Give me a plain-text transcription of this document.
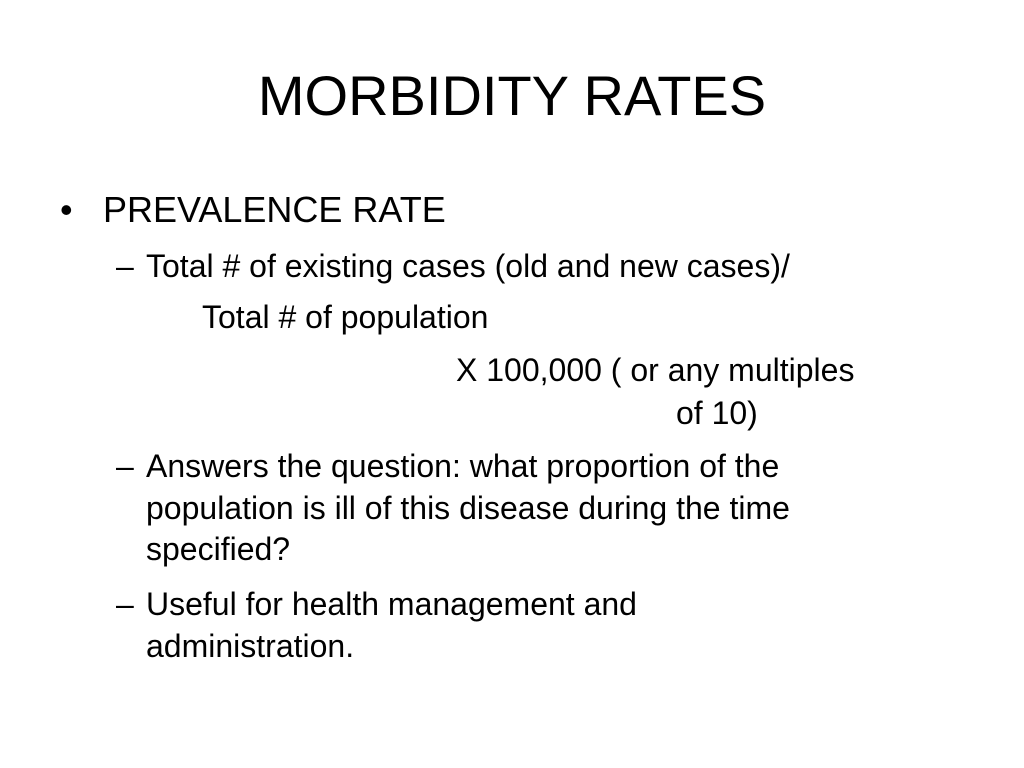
MORBIDITY RATES
• PREVALENCE RATE
– Total # of existing cases (old and new cases)/
Total # of population
X 100,000 ( or any multiples
of 10)
– Answers the question: what proportion of the
population is ill of this disease during the time
specified?
– Useful for health management and
administration.
